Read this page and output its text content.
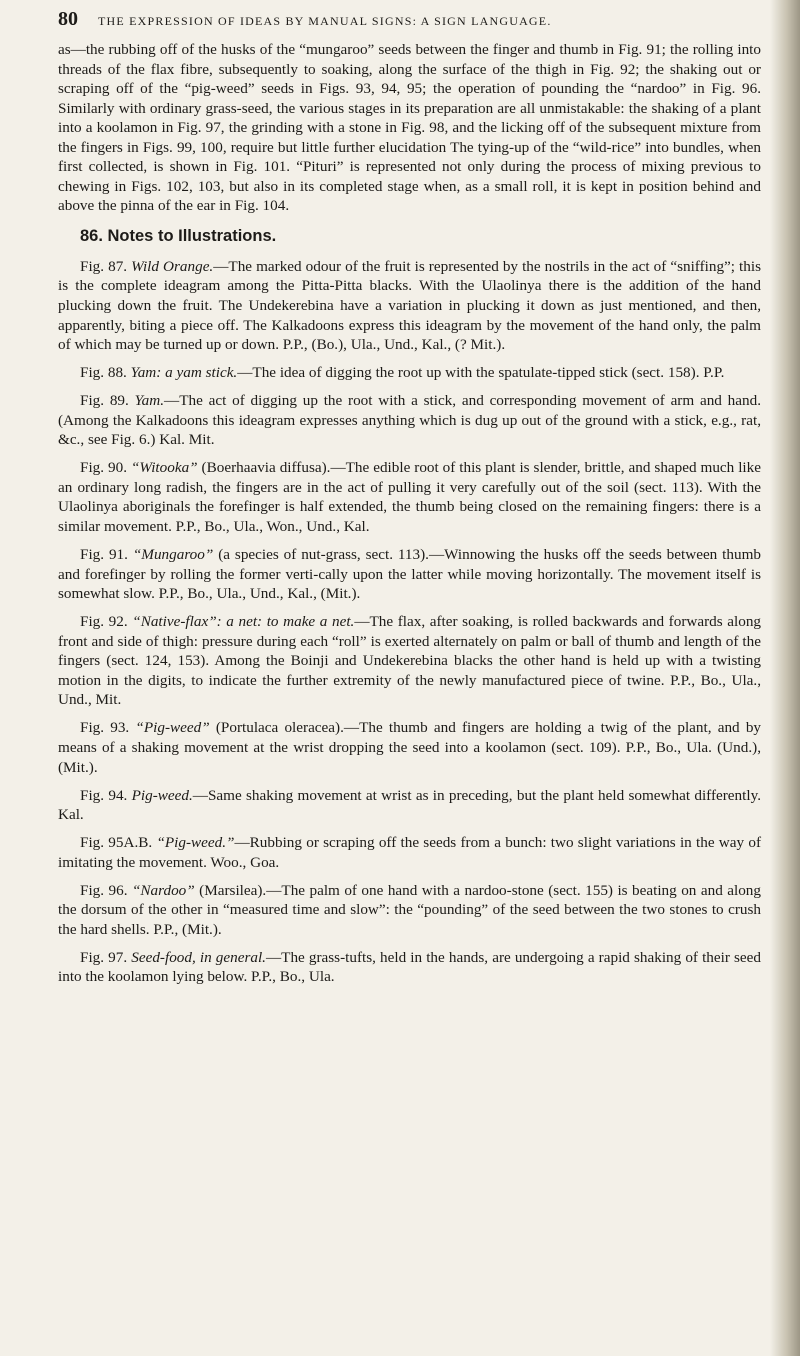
80 THE EXPRESSION OF IDEAS BY MANUAL SIGNS: A SIGN LANGUAGE.

as—the rubbing off of the husks of the “mungaroo” seeds between the finger and thumb in Fig. 91; the rolling into threads of the flax fibre, subsequently to soaking, along the surface of the thigh in Fig. 92; the shaking out or scraping off of the “pig-weed” seeds in Figs. 93, 94, 95; the operation of pounding the “nardoo” in Fig. 96. Similarly with ordinary grass-seed, the various stages in its preparation are all unmistakable: the shaking of a plant into a koolamon in Fig. 97, the grinding with a stone in Fig. 98, and the licking off of the subsequent mixture from the fingers in Figs. 99, 100, require but little further elucidation The tying-up of the “wild-rice” into bundles, when first collected, is shown in Fig. 101. “Pituri” is represented not only during the process of mixing previous to chewing in Figs. 102, 103, but also in its completed stage when, as a small roll, it is kept in position behind and above the pinna of the ear in Fig. 104.

86. Notes to Illustrations.

Fig. 87. Wild Orange.—The marked odour of the fruit is represented by the nostrils in the act of “sniffing”; this is the complete ideagram among the Pitta-Pitta blacks. With the Ulaolinya there is the addition of the hand plucking down the fruit. The Undekerebina have a variation in plucking it down as just mentioned, and then, apparently, biting a piece off. The Kalkadoons express this ideagram by the movement of the hand only, the palm of which may be turned up or down. P.P., (Bo.), Ula., Und., Kal., (? Mit.).

Fig. 88. Yam: a yam stick.—The idea of digging the root up with the spatulate-tipped stick (sect. 158). P.P.

Fig. 89. Yam.—The act of digging up the root with a stick, and corresponding movement of arm and hand. (Among the Kalkadoons this ideagram expresses anything which is dug up out of the ground with a stick, e.g., rat, &c., see Fig. 6.) Kal. Mit.

Fig. 90. “Witooka” (Boerhaavia diffusa).—The edible root of this plant is slender, brittle, and shaped much like an ordinary long radish, the fingers are in the act of pulling it very carefully out of the soil (sect. 113). With the Ulaolinya aboriginals the forefinger is half extended, the thumb being closed on the remaining fingers: there is a similar movement. P.P., Bo., Ula., Won., Und., Kal.

Fig. 91. “Mungaroo” (a species of nut-grass, sect. 113).—Winnowing the husks off the seeds between thumb and forefinger by rolling the former verti-cally upon the latter while moving horizontally. The movement itself is somewhat slow. P.P., Bo., Ula., Und., Kal., (Mit.).

Fig. 92. “Native-flax”: a net: to make a net.—The flax, after soaking, is rolled backwards and forwards along front and side of thigh: pressure during each “roll” is exerted alternately on palm or ball of thumb and length of the fingers (sect. 124, 153). Among the Boinji and Undekerebina blacks the other hand is held up with a twisting motion in the digits, to indicate the further extremity of the newly manufactured piece of twine. P.P., Bo., Ula., Und., Mit.

Fig. 93. “Pig-weed” (Portulaca oleracea).—The thumb and fingers are holding a twig of the plant, and by means of a shaking movement at the wrist dropping the seed into a koolamon (sect. 109). P.P., Bo., Ula. (Und.), (Mit.).

Fig. 94. Pig-weed.—Same shaking movement at wrist as in preceding, but the plant held somewhat differently. Kal.

Fig. 95A.B. “Pig-weed.”—Rubbing or scraping off the seeds from a bunch: two slight variations in the way of imitating the movement. Woo., Goa.

Fig. 96. “Nardoo” (Marsilea).—The palm of one hand with a nardoo-stone (sect. 155) is beating on and along the dorsum of the other in “measured time and slow”: the “pounding” of the seed between the two stones to crush the hard shells. P.P., (Mit.).

Fig. 97. Seed-food, in general.—The grass-tufts, held in the hands, are undergoing a rapid shaking of their seed into the koolamon lying below. P.P., Bo., Ula.
